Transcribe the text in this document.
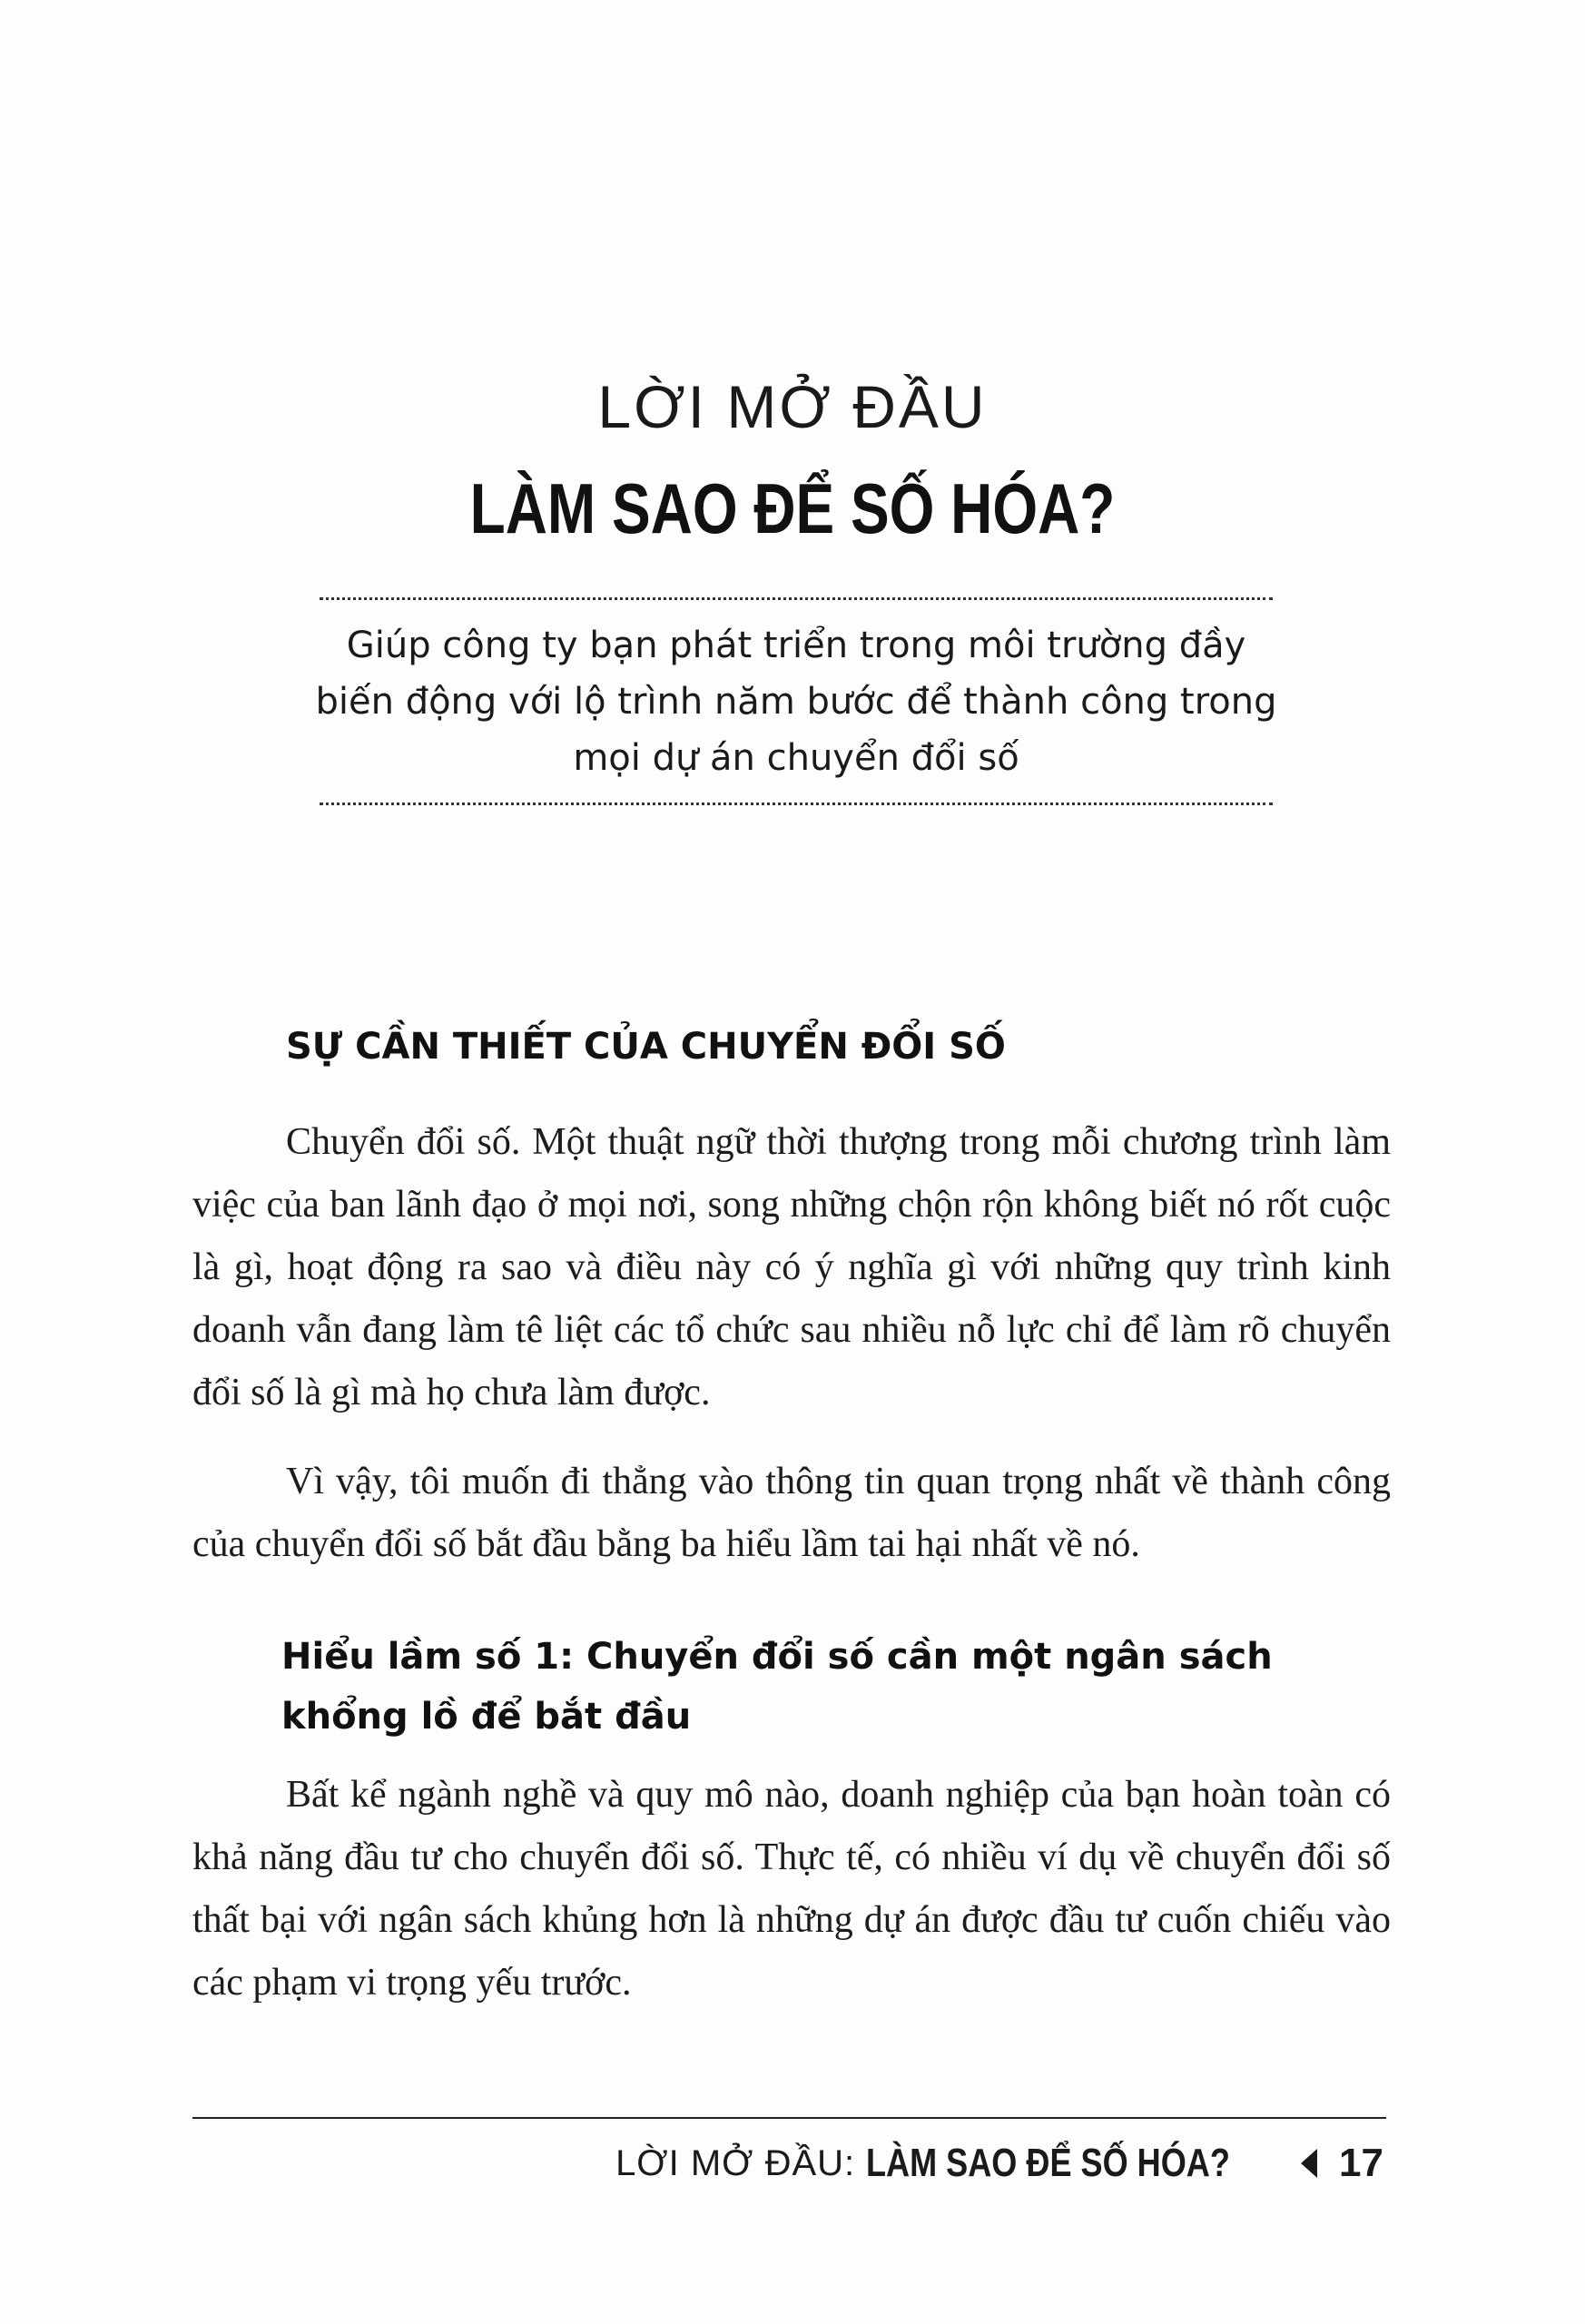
LỜI MỞ ĐẦU
LÀM SAO ĐỂ SỐ HÓA?
Giúp công ty bạn phát triển trong môi trường đầy biến động với lộ trình năm bước để thành công trong mọi dự án chuyển đổi số
SỰ CẦN THIẾT CỦA CHUYỂN ĐỔI SỐ

Chuyển đổi số. Một thuật ngữ thời thượng trong mỗi chương trình làm việc của ban lãnh đạo ở mọi nơi, song những chộn rộn không biết nó rốt cuộc là gì, hoạt động ra sao và điều này có ý nghĩa gì với những quy trình kinh doanh vẫn đang làm tê liệt các tổ chức sau nhiều nỗ lực chỉ để làm rõ chuyển đổi số là gì mà họ chưa làm được.

Vì vậy, tôi muốn đi thẳng vào thông tin quan trọng nhất về thành công của chuyển đổi số bắt đầu bằng ba hiểu lầm tai hại nhất về nó.

Hiểu lầm số 1: Chuyển đổi số cần một ngân sách khổng lồ để bắt đầu

Bất kể ngành nghề và quy mô nào, doanh nghiệp của bạn hoàn toàn có khả năng đầu tư cho chuyển đổi số. Thực tế, có nhiều ví dụ về chuyển đổi số thất bại với ngân sách khủng hơn là những dự án được đầu tư cuốn chiếu vào các phạm vi trọng yếu trước.

LỜI MỞ ĐẦU: LÀM SAO ĐỂ SỐ HÓA?	17
